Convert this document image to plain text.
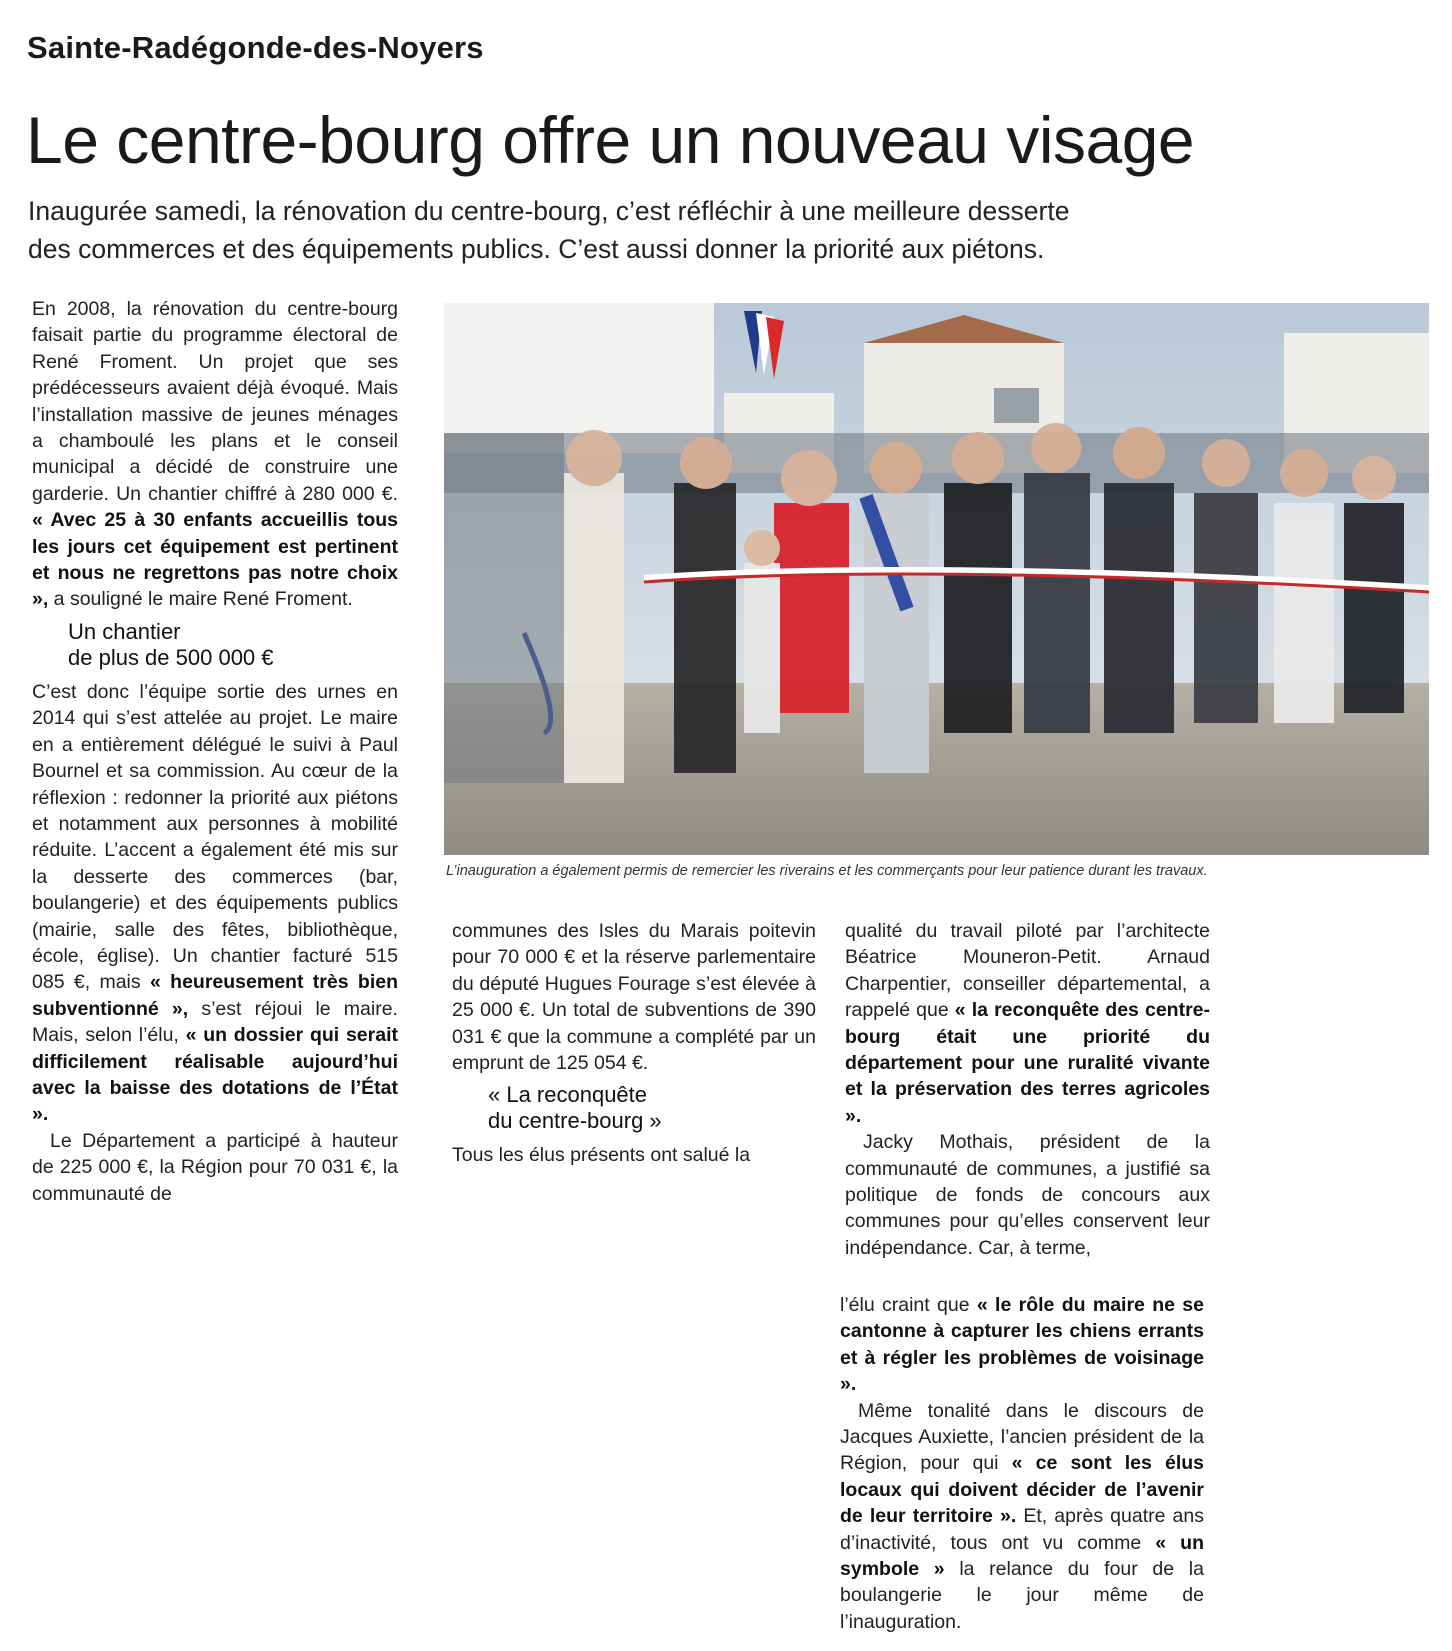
Sainte-Radégonde-des-Noyers
Le centre-bourg offre un nouveau visage

Inaugurée samedi, la rénovation du centre-bourg, c’est réfléchir à une meilleure desserte

des commerces et des équipements publics. C’est aussi donner la priorité aux piétons.

En 2008, la rénovation du centre-bourg faisait partie du programme électoral de René Froment. Un projet que ses prédécesseurs avaient déjà évoqué. Mais l’installation massive de jeunes ménages a chamboulé les plans et le conseil municipal a décidé de construire une garderie. Un chantier chiffré à 280 000 €. « Avec 25 à 30 enfants accueillis tous les jours cet équipement est pertinent et nous ne regrettons pas notre choix », a souligné le maire René Froment.

Un chantier
de plus de 500 000 €

C’est donc l’équipe sortie des urnes en 2014 qui s’est attelée au projet. Le maire en a entièrement délégué le suivi à Paul Bournel et sa commission. Au cœur de la réflexion : redonner la priorité aux piétons et notamment aux personnes à mobilité réduite. L’accent a également été mis sur la desserte des commerces (bar, boulangerie) et des équipements publics (mairie, salle des fêtes, bibliothèque, école, église). Un chantier facturé 515 085 €, mais « heureusement très bien subventionné », s’est réjoui le maire. Mais, selon l’élu, « un dossier qui serait difficilement réalisable aujourd’hui avec la baisse des dotations de l’État ».

Le Département a participé à hauteur de 225 000 €, la Région pour 70 031 €, la communauté de

L’inauguration a également permis de remercier les riverains et les commerçants pour leur patience durant les travaux.

communes des Isles du Marais poitevin pour 70 000 € et la réserve parlementaire du député Hugues Fourage s’est élevée à 25 000 €. Un total de subventions de 390 031 € que la commune a complété par un emprunt de 125 054 €.

« La reconquête
du centre-bourg »

Tous les élus présents ont salué la

qualité du travail piloté par l’architecte Béatrice Mouneron-Petit. Arnaud Charpentier, conseiller départemental, a rappelé que « la reconquête des centre-bourg était une priorité du département pour une ruralité vivante et la préservation des terres agricoles ».

Jacky Mothais, président de la communauté de communes, a justifié sa politique de fonds de concours aux communes pour qu’elles conservent leur indépendance. Car, à terme,

l’élu craint que « le rôle du maire ne se cantonne à capturer les chiens errants et à régler les problèmes de voisinage ».

Même tonalité dans le discours de Jacques Auxiette, l’ancien président de la Région, pour qui « ce sont les élus locaux qui doivent décider de l’avenir de leur territoire ». Et, après quatre ans d’inactivité, tous ont vu comme « un symbole » la relance du four de la boulangerie le jour même de l’inauguration.
